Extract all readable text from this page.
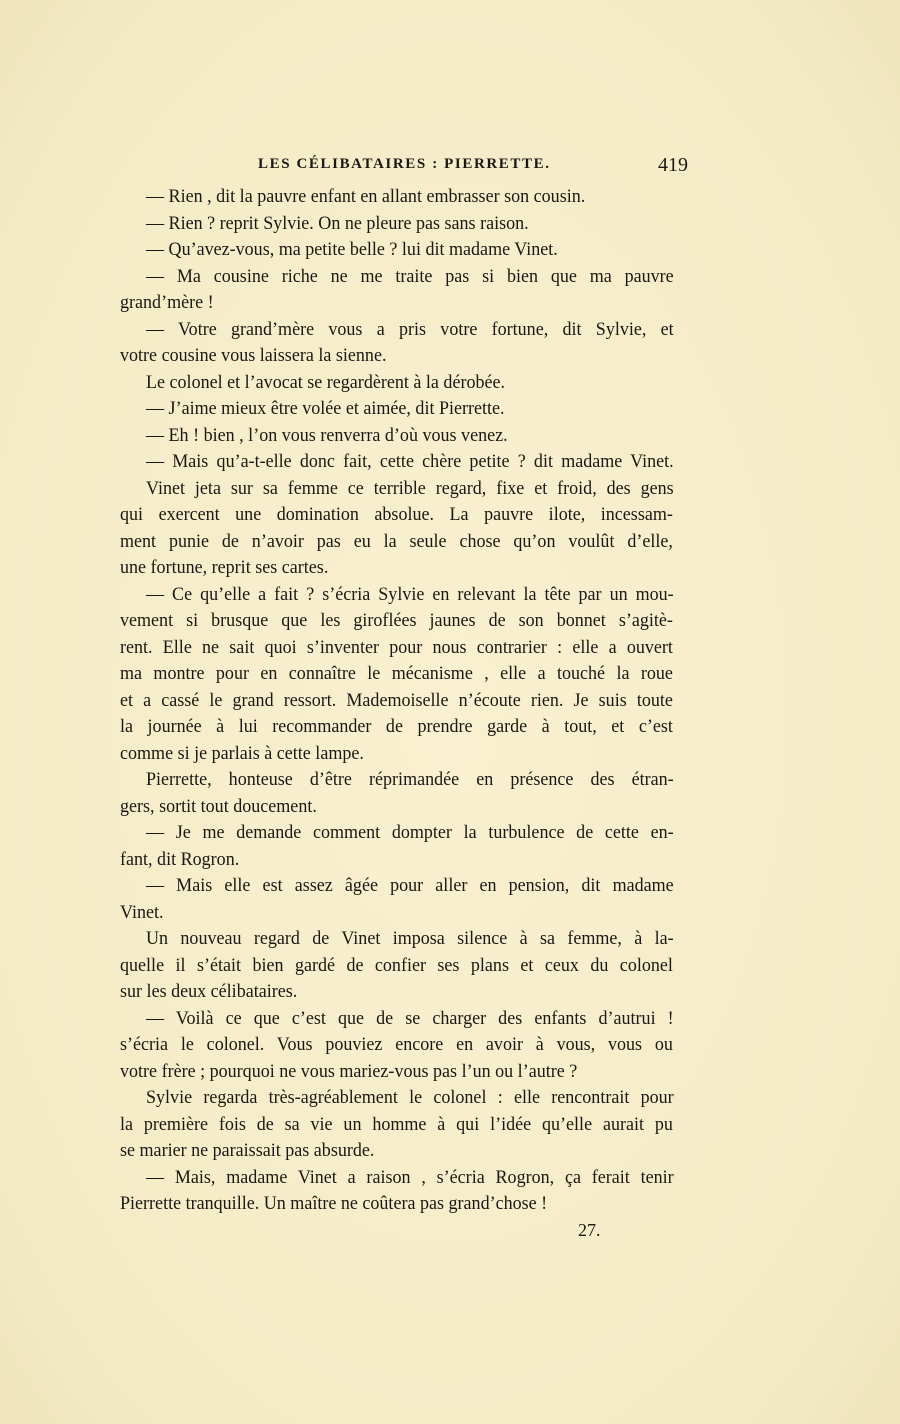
LES CÉLIBATAIRES : PIERRETTE.	419
— Rien , dit la pauvre enfant en allant embrasser son cousin.
— Rien ? reprit Sylvie. On ne pleure pas sans raison.
— Qu’avez-vous, ma petite belle ? lui dit madame Vinet.
— Ma cousine riche ne me traite pas si bien que ma pauvre
grand’mère !
— Votre grand’mère vous a pris votre fortune, dit Sylvie, et
votre cousine vous laissera la sienne.
Le colonel et l’avocat se regardèrent à la dérobée.
— J’aime mieux être volée et aimée, dit Pierrette.
— Eh ! bien , l’on vous renverra d’où vous venez.
— Mais qu’a-t-elle donc fait, cette chère petite ? dit madame Vinet.
Vinet jeta sur sa femme ce terrible regard, fixe et froid, des gens
qui exercent une domination absolue. La pauvre ilote, incessam-
ment punie de n’avoir pas eu la seule chose qu’on voulût d’elle,
une fortune, reprit ses cartes.
— Ce qu’elle a fait ? s’écria Sylvie en relevant la tête par un mou-
vement si brusque que les giroflées jaunes de son bonnet s’agitè-
rent. Elle ne sait quoi s’inventer pour nous contrarier : elle a ouvert
ma montre pour en connaître le mécanisme , elle a touché la roue
et a cassé le grand ressort. Mademoiselle n’écoute rien. Je suis toute
la journée à lui recommander de prendre garde à tout, et c’est
comme si je parlais à cette lampe.
Pierrette, honteuse d’être réprimandée en présence des étran-
gers, sortit tout doucement.
— Je me demande comment dompter la turbulence de cette en-
fant, dit Rogron.
— Mais elle est assez âgée pour aller en pension, dit madame
Vinet.
Un nouveau regard de Vinet imposa silence à sa femme, à la-
quelle il s’était bien gardé de confier ses plans et ceux du colonel
sur les deux célibataires.
— Voilà ce que c’est que de se charger des enfants d’autrui !
s’écria le colonel. Vous pouviez encore en avoir à vous, vous ou
votre frère ; pourquoi ne vous mariez-vous pas l’un ou l’autre ?
Sylvie regarda très-agréablement le colonel : elle rencontrait pour
la première fois de sa vie un homme à qui l’idée qu’elle aurait pu
se marier ne paraissait pas absurde.
— Mais, madame Vinet a raison , s’écria Rogron, ça ferait tenir
Pierrette tranquille. Un maître ne coûtera pas grand’chose !
27.
